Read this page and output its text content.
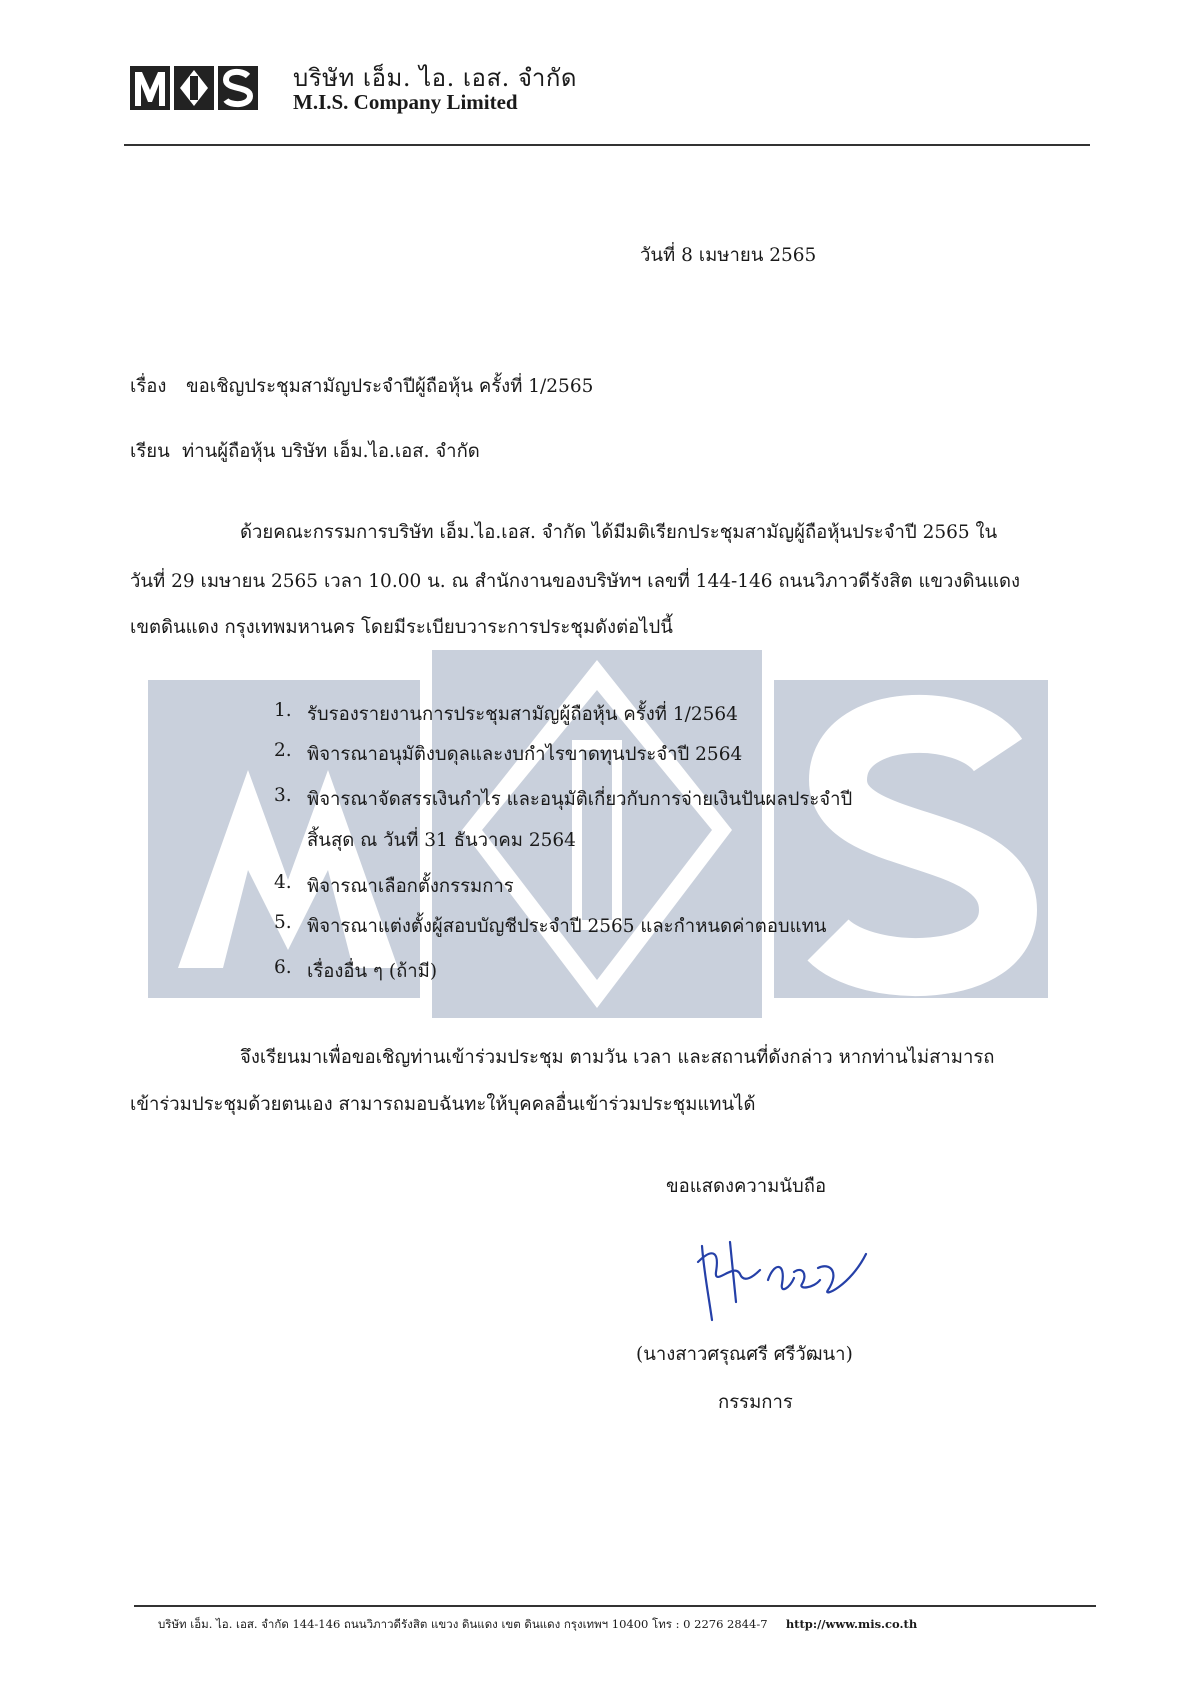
บริษัท เอ็ม. ไอ. เอส. จำกัด
M.I.S. Company Limited
วันที่ 8 เมษายน 2565
เรื่อง ขอเชิญประชุมสามัญประจำปีผู้ถือหุ้น ครั้งที่ 1/2565
เรียน ท่านผู้ถือหุ้น บริษัท เอ็ม.ไอ.เอส. จำกัด
ด้วยคณะกรรมการบริษัท เอ็ม.ไอ.เอส. จำกัด ได้มีมติเรียกประชุมสามัญผู้ถือหุ้นประจำปี 2565 ใน
วันที่ 29 เมษายน 2565 เวลา 10.00 น. ณ สำนักงานของบริษัทฯ เลขที่ 144-146 ถนนวิภาวดีรังสิต แขวงดินแดง
เขตดินแดง กรุงเทพมหานคร โดยมีระเบียบวาระการประชุมดังต่อไปนี้
1. รับรองรายงานการประชุมสามัญผู้ถือหุ้น ครั้งที่ 1/2564
2. พิจารณาอนุมัติงบดุลและงบกำไรขาดทุนประจำปี 2564
3. พิจารณาจัดสรรเงินกำไร และอนุมัติเกี่ยวกับการจ่ายเงินปันผลประจำปี
สิ้นสุด ณ วันที่ 31 ธันวาคม 2564
4. พิจารณาเลือกตั้งกรรมการ
5. พิจารณาแต่งตั้งผู้สอบบัญชีประจำปี 2565 และกำหนดค่าตอบแทน
6. เรื่องอื่น ๆ (ถ้ามี)
จึงเรียนมาเพื่อขอเชิญท่านเข้าร่วมประชุม ตามวัน เวลา และสถานที่ดังกล่าว หากท่านไม่สามารถ
เข้าร่วมประชุมด้วยตนเอง สามารถมอบฉันทะให้บุคคลอื่นเข้าร่วมประชุมแทนได้
ขอแสดงความนับถือ
(นางสาวศรุณศรี ศรีวัฒนา)
กรรมการ
บริษัท เอ็ม. ไอ. เอส. จำกัด 144-146 ถนนวิภาวดีรังสิต แขวง ดินแดง เขต ดินแดง กรุงเทพฯ 10400 โทร : 0 2276 2844-7 http://www.mis.co.th
